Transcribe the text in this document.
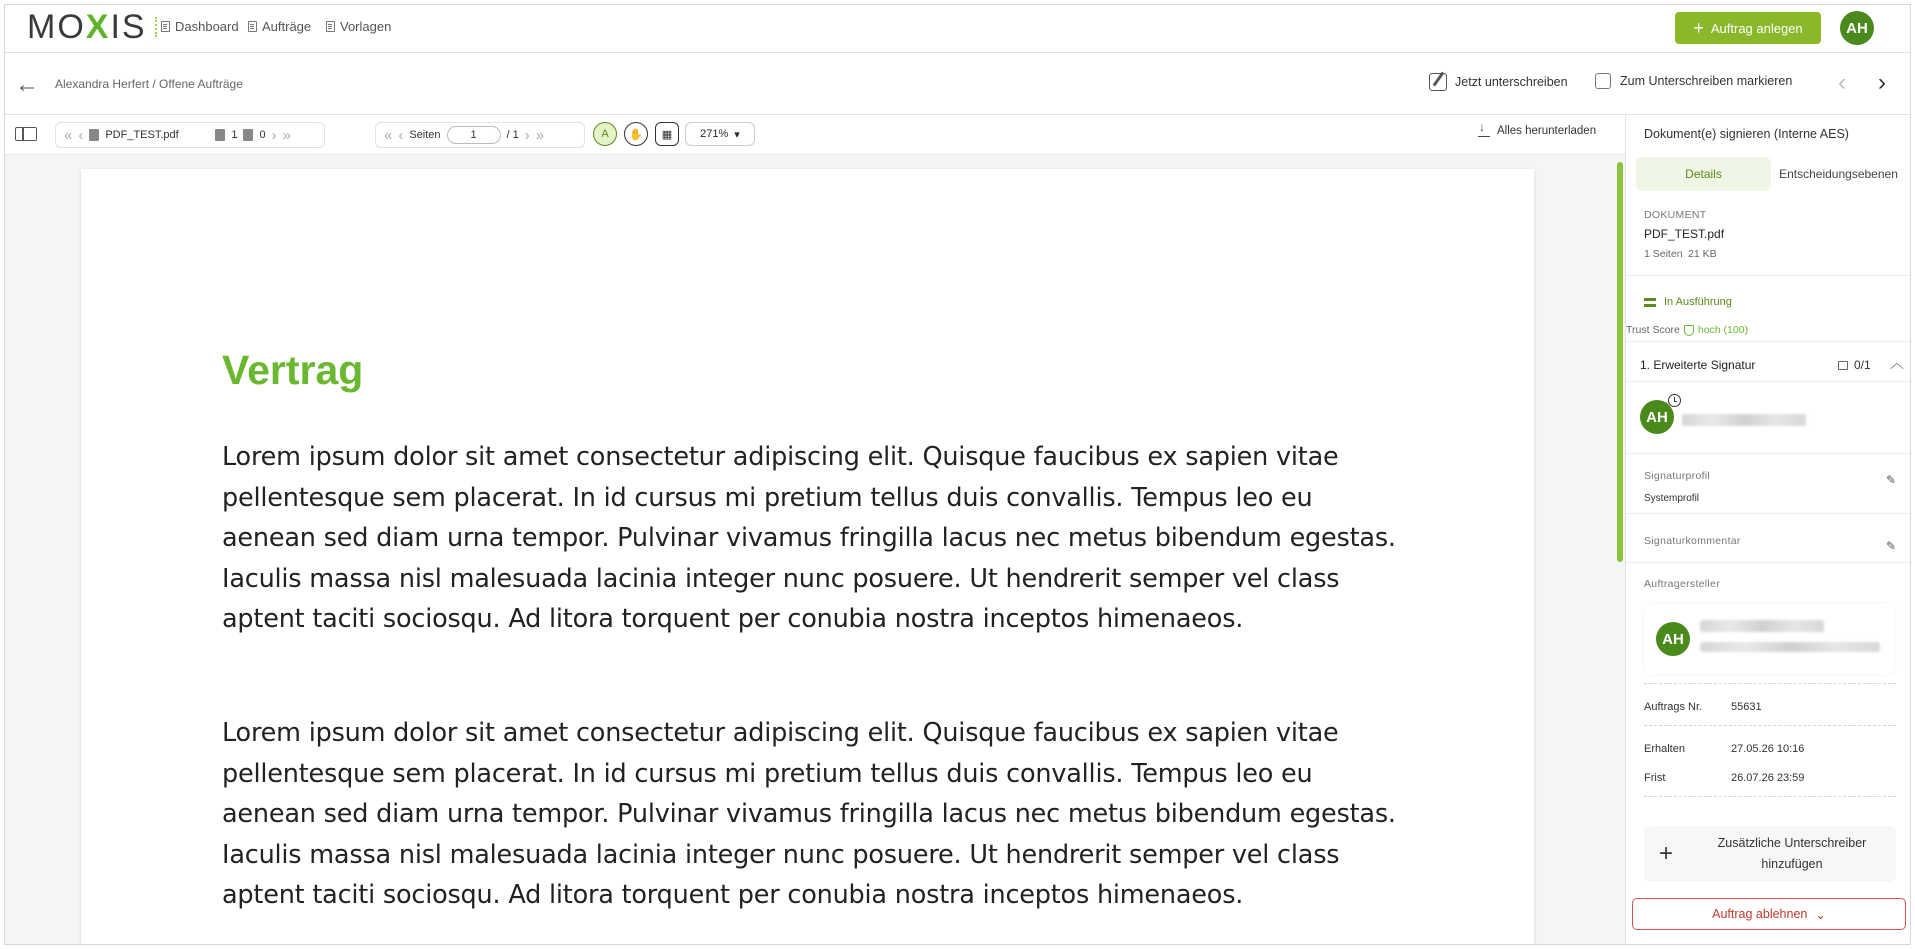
MO X IS Dashboard Aufträge Vorlagen	+ Auftrag anlegen	AH
← Alexandra Herfert / Offene Aufträge	Jetzt unterschreiben	Zum Unterschreiben markieren ‹ ›
« ‹ PDF_TEST.pdf	1 0 › »	« ‹ Seiten	1	/ 1 › »	A	✋	▦	271% ▾
↓	Alles herunterladen
Vertrag
Lorem ipsum dolor sit amet consectetur adipiscing elit. Quisque faucibus ex sapien vitae pellentesque sem placerat. In id cursus mi pretium tellus duis convallis. Tempus leo eu aenean sed diam urna tempor. Pulvinar vivamus fringilla lacus nec metus bibendum egestas. Iaculis massa nisl malesuada lacinia integer nunc posuere. Ut hendrerit semper vel class aptent taciti sociosqu. Ad litora torquent per conubia nostra inceptos himenaeos.
Lorem ipsum dolor sit amet consectetur adipiscing elit. Quisque faucibus ex sapien vitae pellentesque sem placerat. In id cursus mi pretium tellus duis convallis. Tempus leo eu aenean sed diam urna tempor. Pulvinar vivamus fringilla lacus nec metus bibendum egestas. Iaculis massa nisl malesuada lacinia integer nunc posuere. Ut hendrerit semper vel class aptent taciti sociosqu. Ad litora torquent per conubia nostra inceptos himenaeos.
Dokument(e) signieren (Interne AES)
Details	Entscheidungsebenen
DOKUMENT
PDF_TEST.pdf
1 Seiten 21 KB
In Ausführung
Trust Score hoch (100)
1. Erweiterte Signatur	0/1 ︿
AH
Signaturprofil	✎
Systemprofil
Signaturkommentar	✎
Auftragersteller
AH
Auftrags Nr.	55631
Erhalten	27.05.26 10:16
Frist	26.07.26 23:59
+	Zusätzliche Unterschreiber hinzufügen
Auftrag ablehnen ⌄
